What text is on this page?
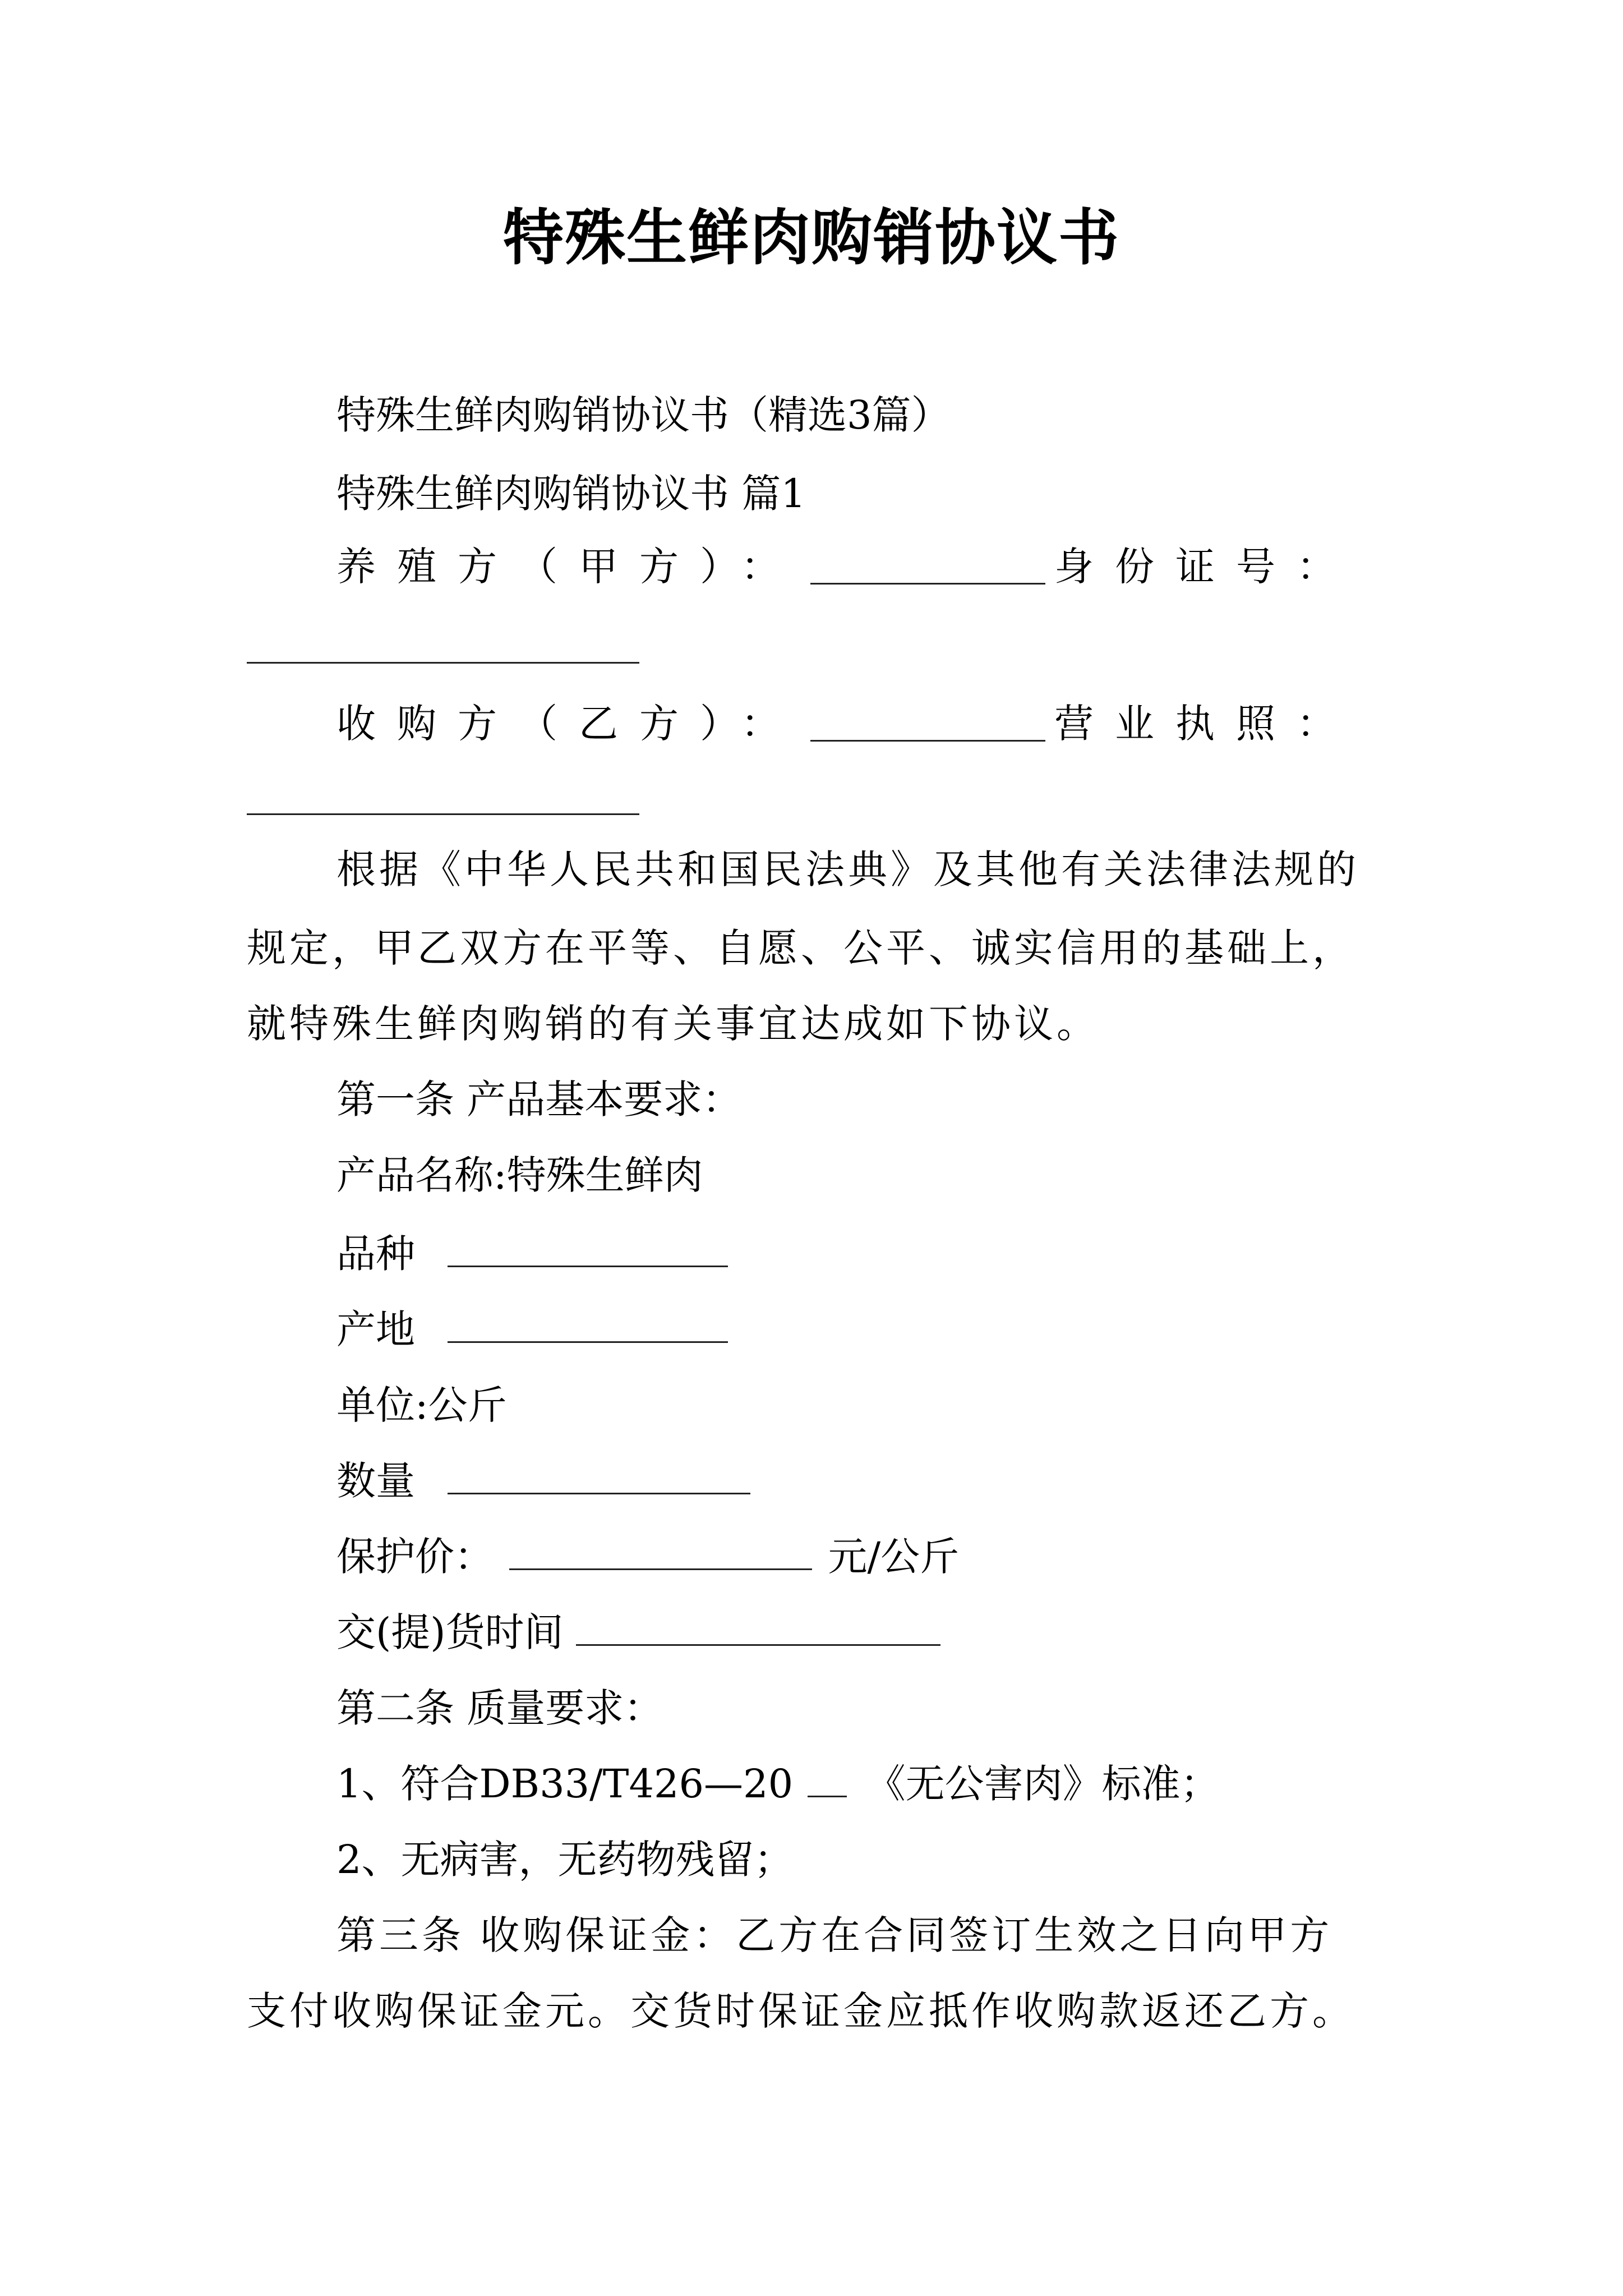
特殊生鲜肉购销协议书
特殊生鲜肉购销协议书（精选3篇）
特殊生鲜肉购销协议书 篇1
养殖方（甲方）：	身份证号：
收购方（乙方）：	营业执照：
根据《中华人民共和国民法典》及其他有关法律法规的
规定，甲乙双方在平等、自愿、公平、诚实信用的基础上，
就特殊生鲜肉购销的有关事宜达成如下协议。
第一条 产品基本要求：
产品名称:特殊生鲜肉
品种
产地
单位:公斤
数量
保护价：	元/公斤
交(提)货时间
第二条 质量要求：
1、符合DB33/T426—20 《无公害肉》标准；
2、无病害，无药物残留；
第三条 收购保证金：乙方在合同签订生效之日向甲方
支付收购保证金元。交货时保证金应抵作收购款返还乙方。
